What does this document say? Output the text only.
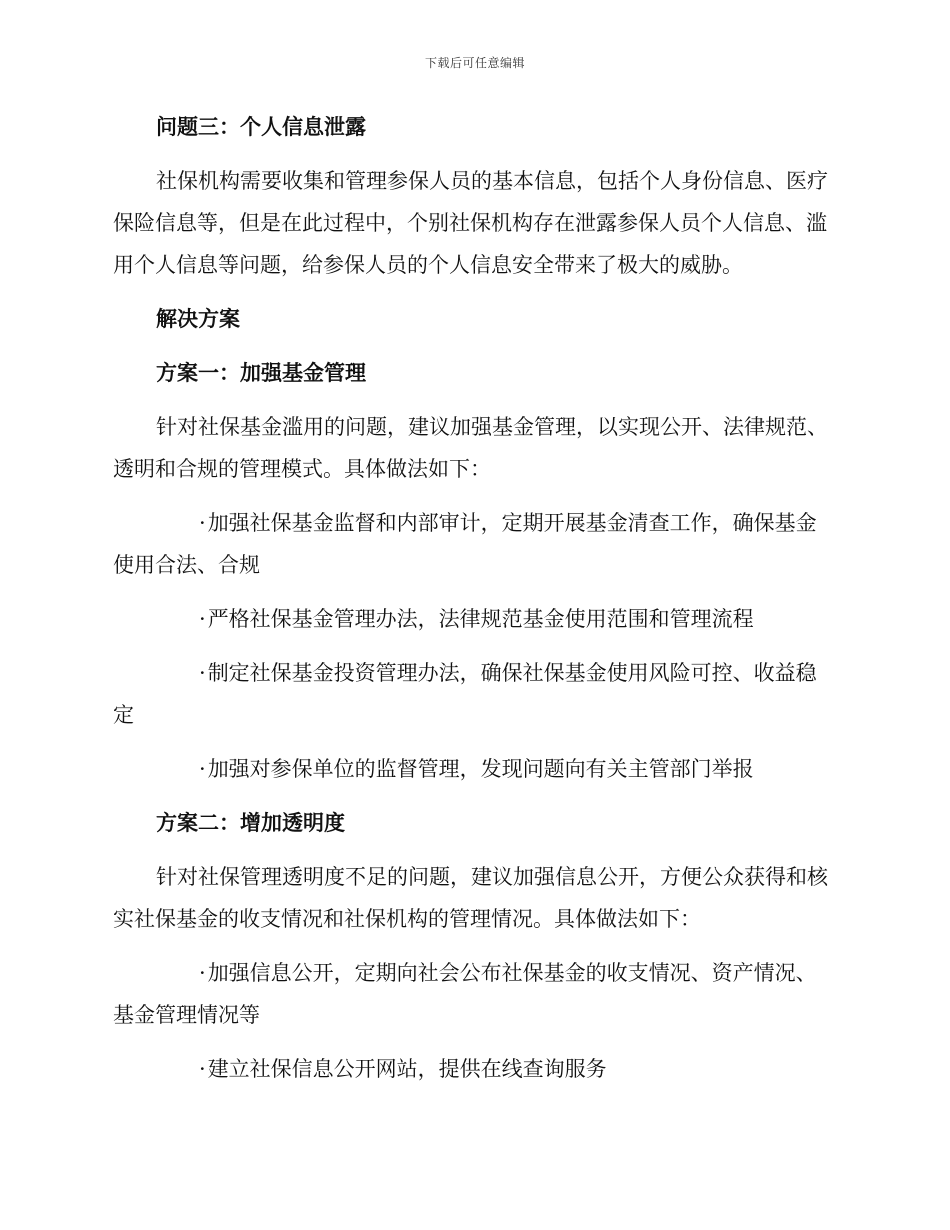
下载后可任意编辑
问题三：个人信息泄露
社保机构需要收集和管理参保人员的基本信息，包括个人身份信息、医疗保险信息等，但是在此过程中，个别社保机构存在泄露参保人员个人信息、滥用个人信息等问题，给参保人员的个人信息安全带来了极大的威胁。
解决方案
方案一：加强基金管理
针对社保基金滥用的问题，建议加强基金管理，以实现公开、法律规范、透明和合规的管理模式。具体做法如下：
·加强社保基金监督和内部审计，定期开展基金清查工作，确保基金使用合法、合规
·严格社保基金管理办法，法律规范基金使用范围和管理流程
·制定社保基金投资管理办法，确保社保基金使用风险可控、收益稳定
·加强对参保单位的监督管理，发现问题向有关主管部门举报
方案二：增加透明度
针对社保管理透明度不足的问题，建议加强信息公开，方便公众获得和核实社保基金的收支情况和社保机构的管理情况。具体做法如下：
·加强信息公开，定期向社会公布社保基金的收支情况、资产情况、基金管理情况等
·建立社保信息公开网站，提供在线查询服务
